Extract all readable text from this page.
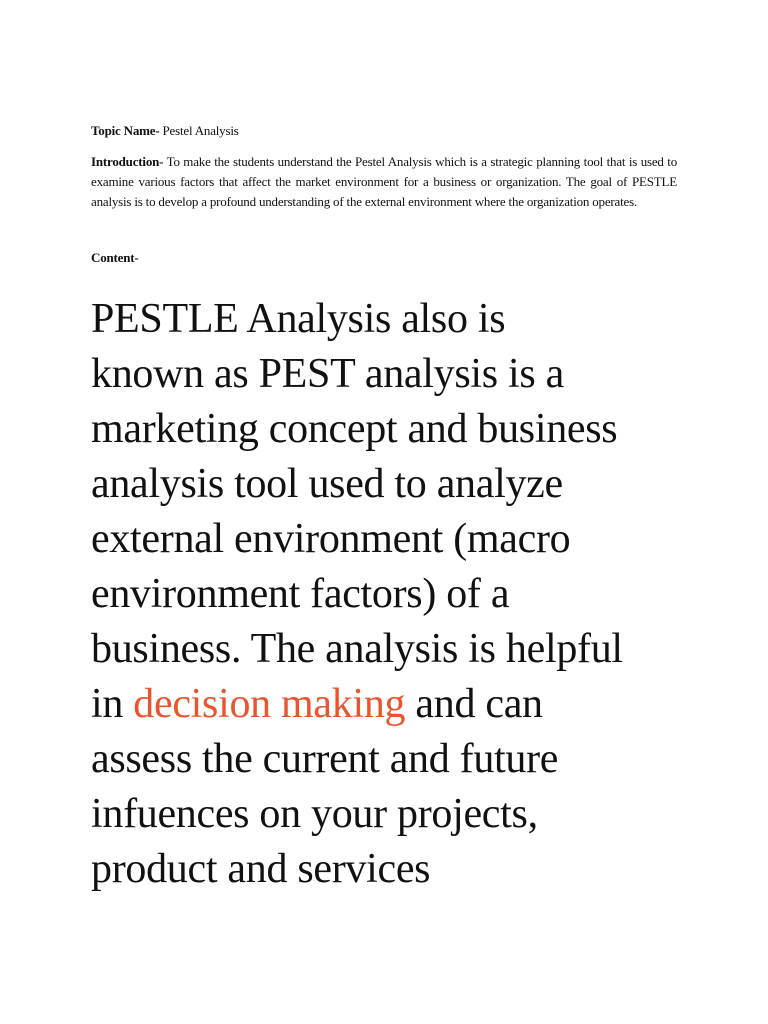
Topic Name- Pestel Analysis
Introduction- To make the students understand the Pestel Analysis which is a strategic planning tool that is used to examine various factors that affect the market environment for a business or organization. The goal of PESTLE analysis is to develop a profound understanding of the external environment where the organization operates.
Content-
PESTLE Analysis also is
known as PEST analysis is a
marketing concept and business
analysis tool used to analyze
external environment (macro
environment factors) of a
business. The analysis is helpful
in decision making and can
assess the current and future
infuences on your projects,
product and services
